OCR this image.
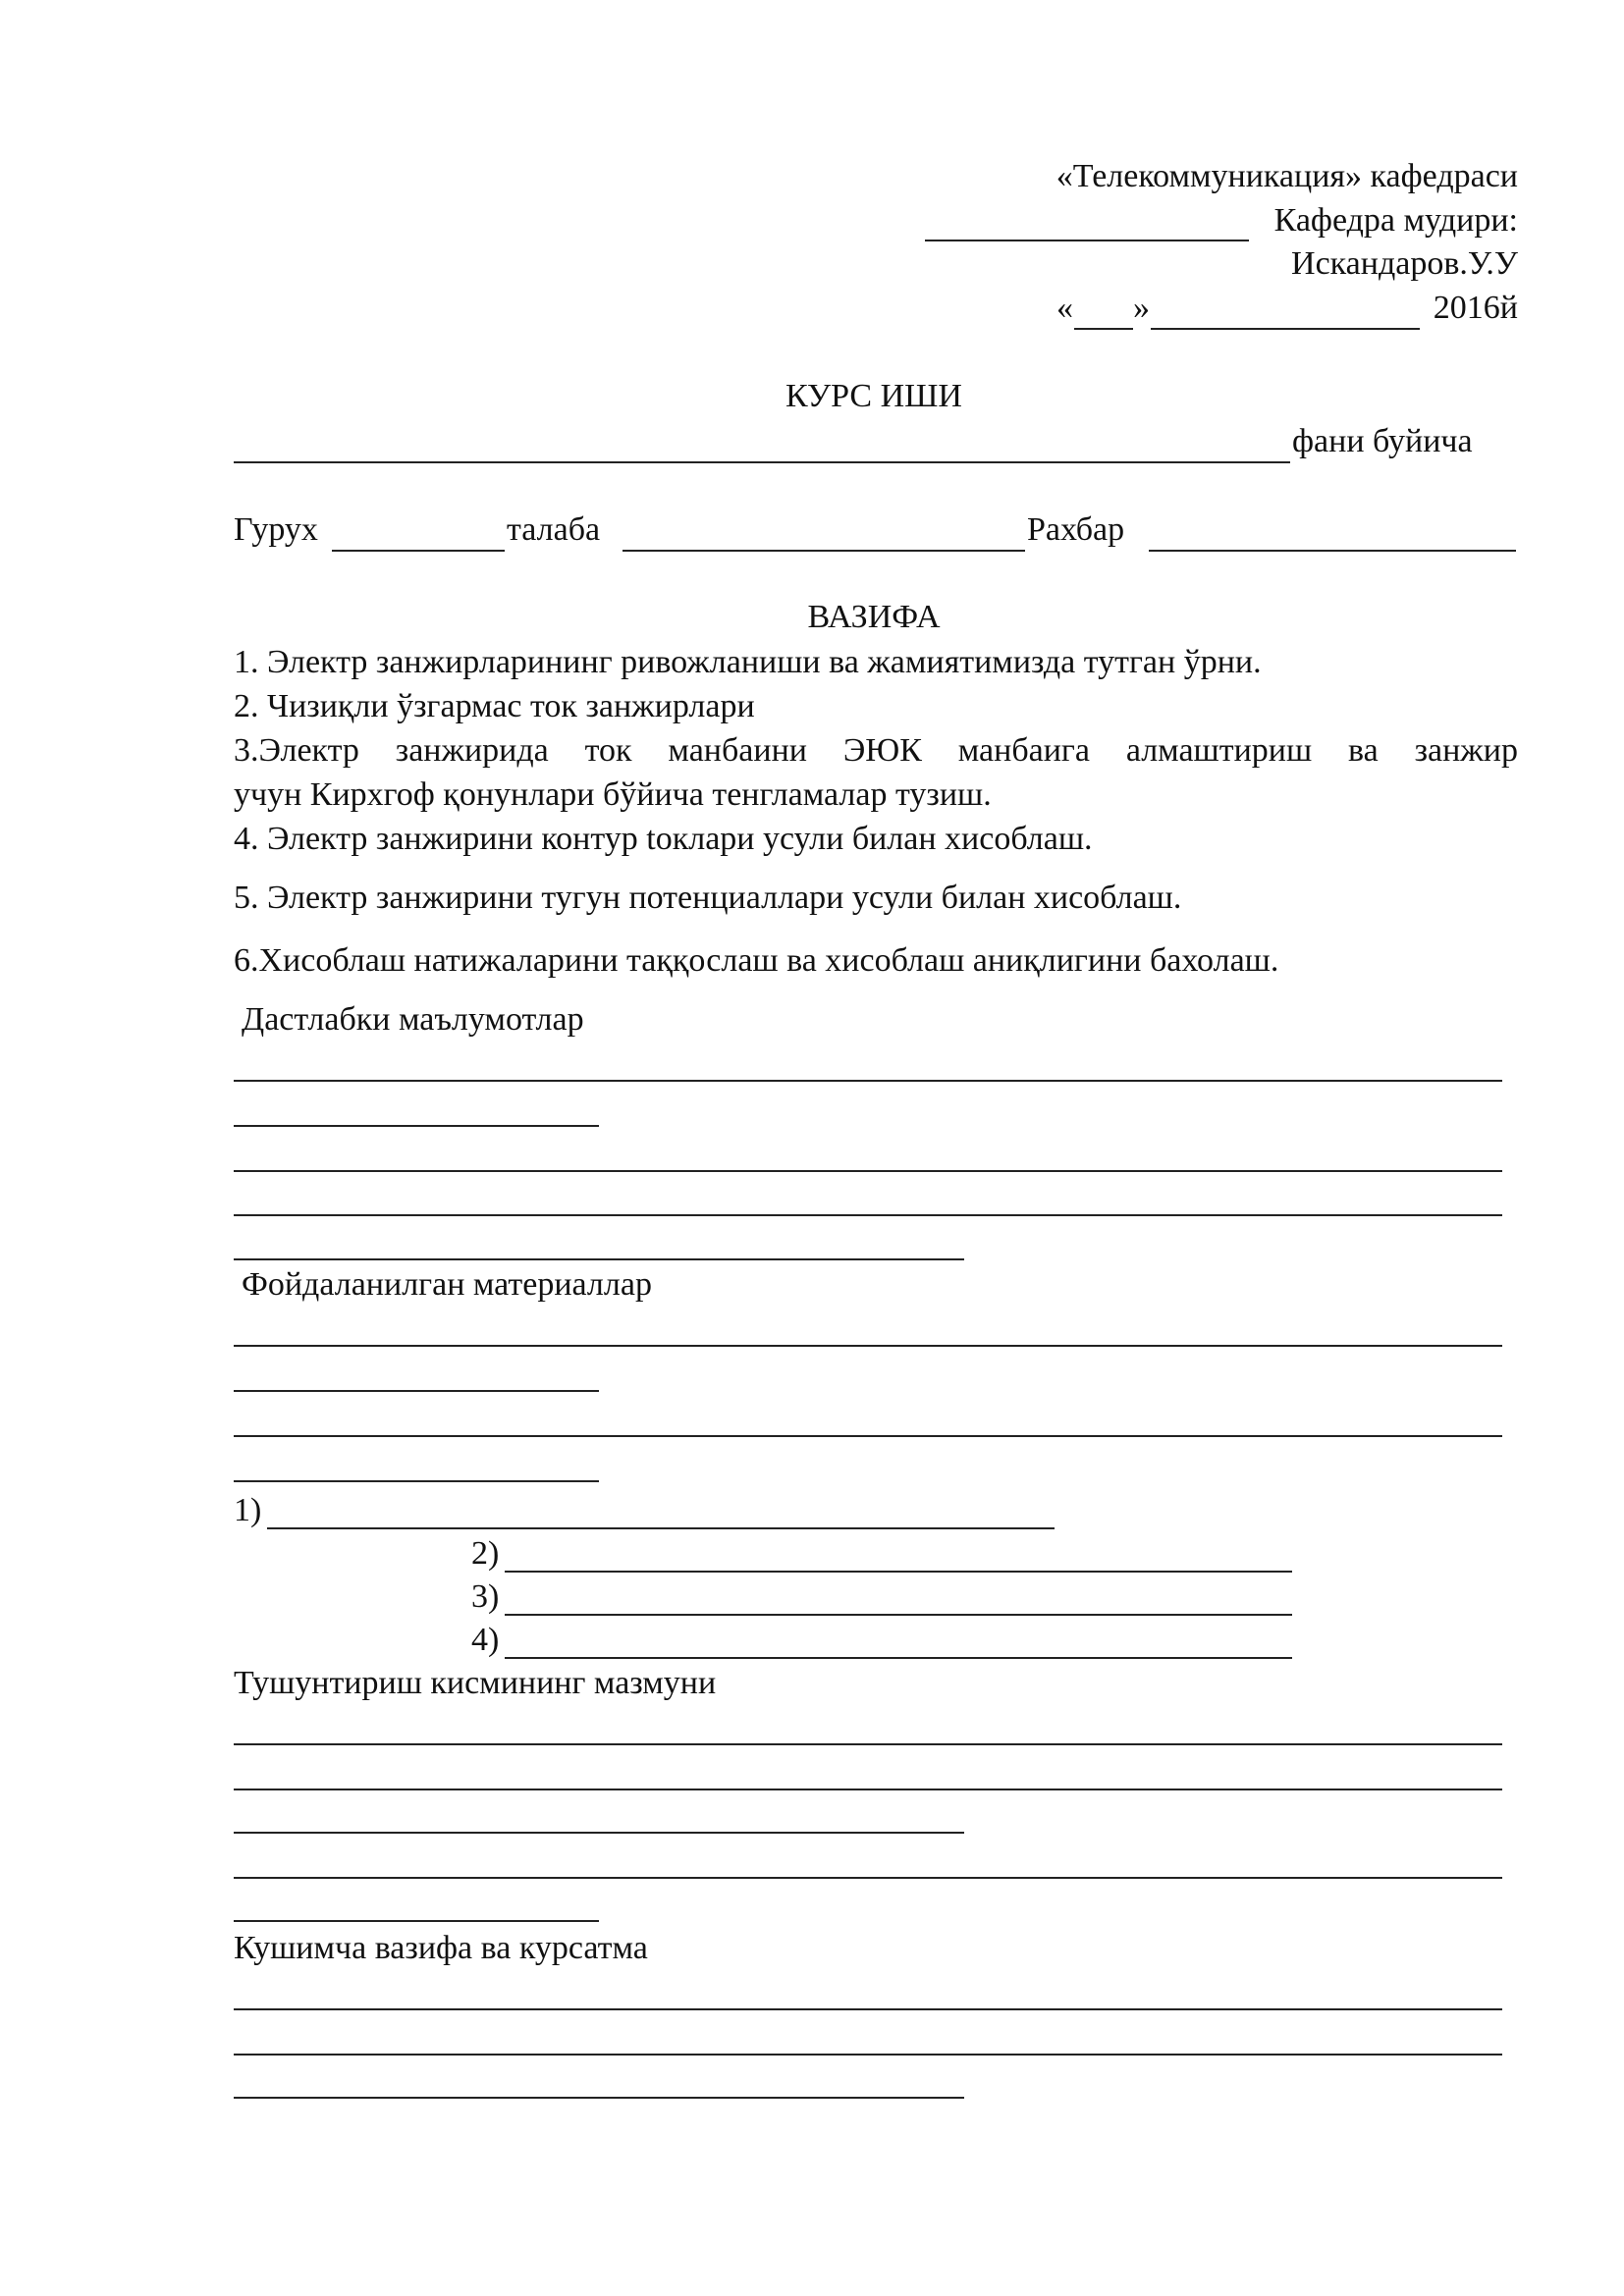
«Телекоммуникация» кафедраси
Кафедра мудири:
Искандаров.У.У
« »	2016й
КУРС ИШИ
фани буйича
Гурух	талаба	Рахбар
ВАЗИФА
1. Электр занжирларининг ривожланиши ва жамиятимизда тутган ўрни.
2. Чизиқли ўзгармас ток занжирлари
3.Электр занжирида ток манбаини ЭЮК манбаига алмаштириш ва занжир
учун Кирхгоф қонунлари бўйича тенгламалар тузиш.
4. Электр занжирини контур toклари усули билан хисоблаш.
5. Электр занжирини тугун потенциаллари усули билан хисоблаш.
6.Хисоблаш натижаларини таққослаш ва хисоблаш аниқлигини бахолаш.
Дастлабки маълумотлар
Фойдаланилган материаллар
1)
2)
3)
4)
Тушунтириш кисмининг мазмуни
Кушимча вазифа ва курсатма
